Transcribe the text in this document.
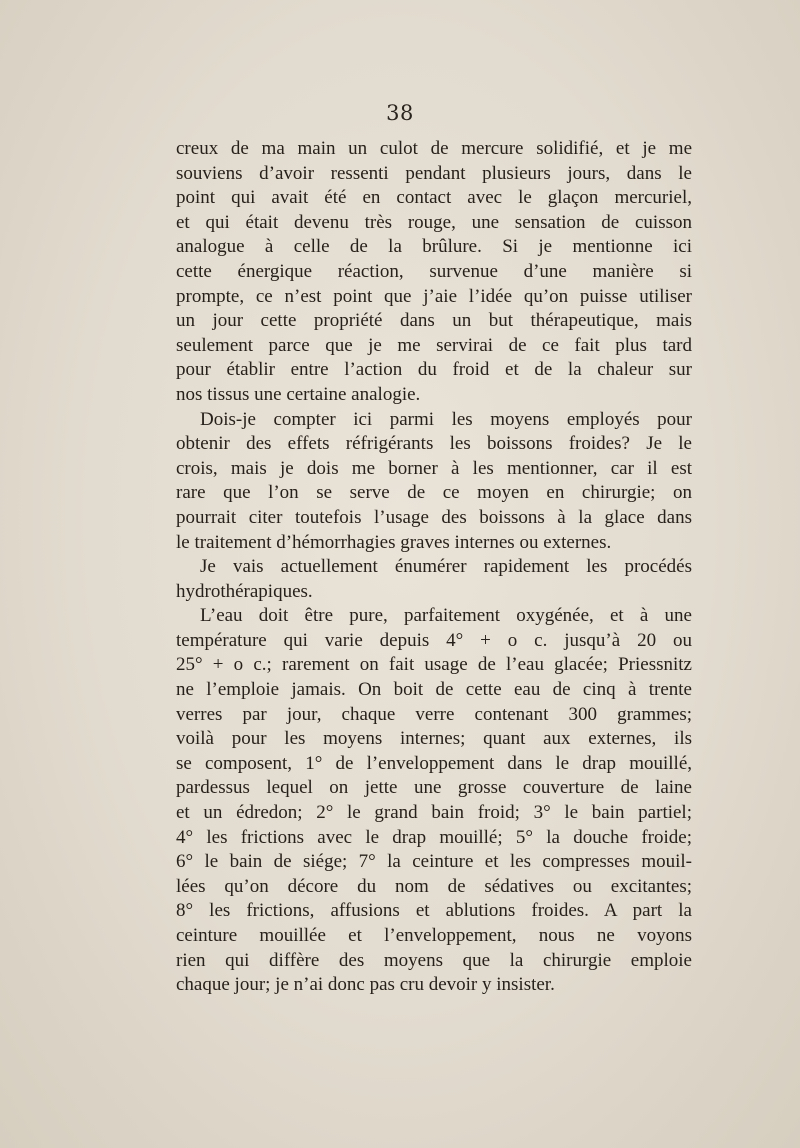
38
creux de ma main un culot de mercure solidifié, et je me
souviens d’avoir ressenti pendant plusieurs jours, dans le
point qui avait été en contact avec le glaçon mercuriel,
et qui était devenu très rouge, une sensation de cuisson
analogue à celle de la brûlure. Si je mentionne ici
cette énergique réaction, survenue d’une manière si
prompte, ce n’est point que j’aie l’idée qu’on puisse utiliser
un jour cette propriété dans un but thérapeutique, mais
seulement parce que je me servirai de ce fait plus tard
pour établir entre l’action du froid et de la chaleur sur
nos tissus une certaine analogie.
Dois-je compter ici parmi les moyens employés pour
obtenir des effets réfrigérants les boissons froides? Je le
crois, mais je dois me borner à les mentionner, car il est
rare que l’on se serve de ce moyen en chirurgie; on
pourrait citer toutefois l’usage des boissons à la glace dans
le traitement d’hémorrhagies graves internes ou externes.
Je vais actuellement énumérer rapidement les procédés
hydrothérapiques.
L’eau doit être pure, parfaitement oxygénée, et à une
température qui varie depuis 4° + o c. jusqu’à 20 ou
25° + o c.; rarement on fait usage de l’eau glacée; Priessnitz
ne l’emploie jamais. On boit de cette eau de cinq à trente
verres par jour, chaque verre contenant 300 grammes;
voilà pour les moyens internes; quant aux externes, ils
se composent, 1° de l’enveloppement dans le drap mouillé,
pardessus lequel on jette une grosse couverture de laine
et un édredon; 2° le grand bain froid; 3° le bain partiel;
4° les frictions avec le drap mouillé; 5° la douche froide;
6° le bain de siége; 7° la ceinture et les compresses mouil-
lées qu’on décore du nom de sédatives ou excitantes;
8° les frictions, affusions et ablutions froides. A part la
ceinture mouillée et l’enveloppement, nous ne voyons
rien qui diffère des moyens que la chirurgie emploie
chaque jour; je n’ai donc pas cru devoir y insister.
